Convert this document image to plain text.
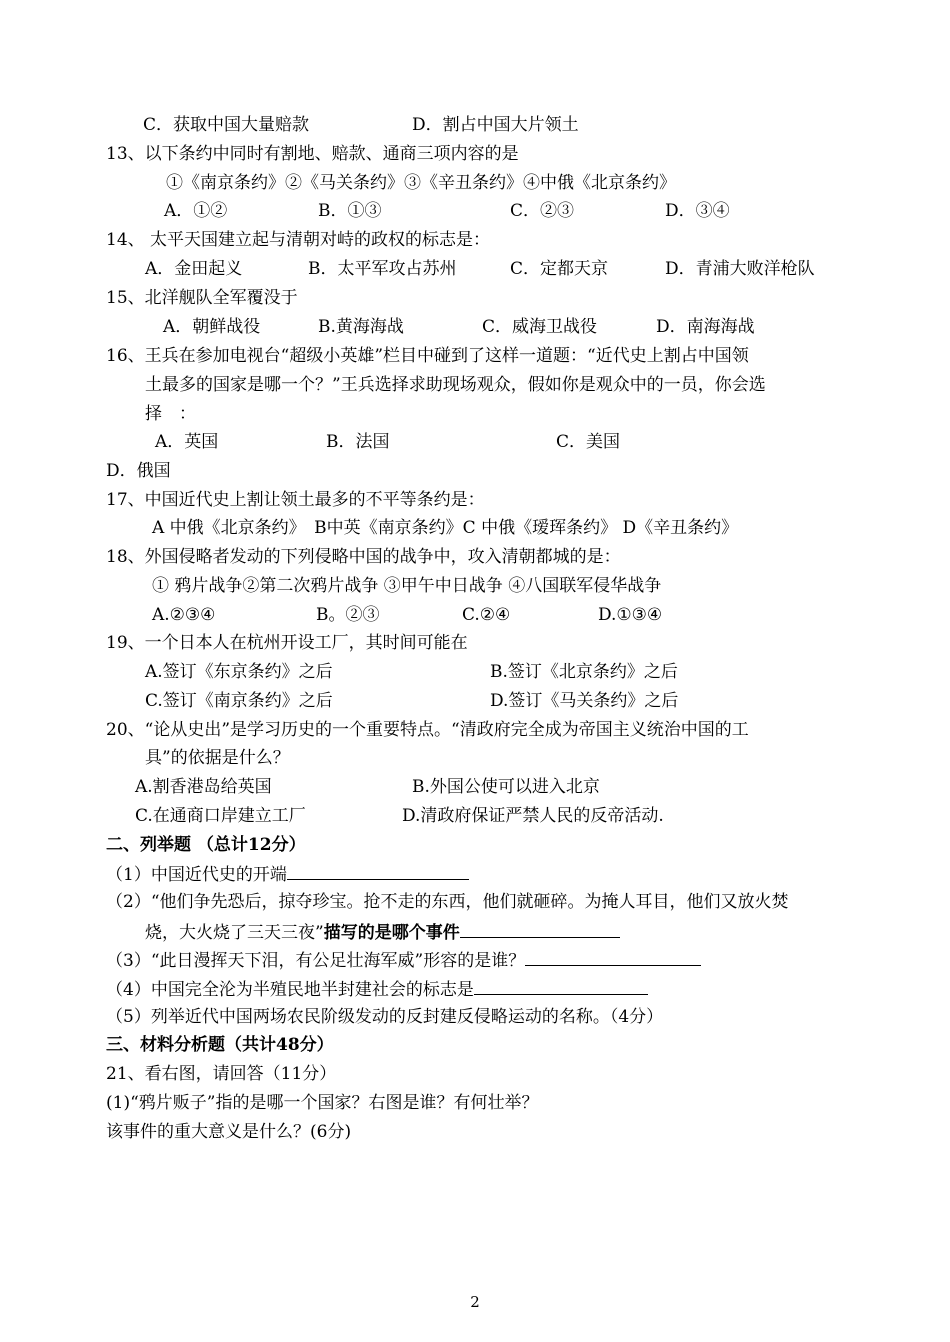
C．获取中国大量赔款	D．割占中国大片领土
13、以下条约中同时有割地、赔款、通商三项内容的是
①《南京条约》②《马关条约》③《辛丑条约》④中俄《北京条约》
A．①②	B．①③	C．②③	D．③④
14、 太平天国建立起与清朝对峙的政权的标志是：
A．金田起义	B．太平军攻占苏州	C．定都天京	D．青浦大败洋枪队
15、北洋舰队全军覆没于
A．朝鲜战役	B.黄海海战	C．威海卫战役	D．南海海战
16、王兵在参加电视台“超级小英雄”栏目中碰到了这样一道题：“近代史上割占中国领
土最多的国家是哪一个？”王兵选择求助现场观众，假如你是观众中的一员，你会选
择　：
A．英国	B．法国	C．美国
D．俄国
17、中国近代史上割让领土最多的不平等条约是：
A 中俄《北京条约》　B中英《南京条约》C 中俄《瑷珲条约》 D《辛丑条约》
18、外国侵略者发动的下列侵略中国的战争中，攻入清朝都城的是：
① 鸦片战争②第二次鸦片战争 ③甲午中日战争 ④八国联军侵华战争
A.②③④	B。②③	C.②④	D.①③④
19、一个日本人在杭州开设工厂，其时间可能在
A.签订《东京条约》之后	B.签订《北京条约》之后
C.签订《南京条约》之后	D.签订《马关条约》之后
20、“论从史出”是学习历史的一个重要特点。“清政府完全成为帝国主义统治中国的工
具”的依据是什么？
A.割香港岛给英国	B.外国公使可以进入北京
C.在通商口岸建立工厂	D.清政府保证严禁人民的反帝活动.
二、列举题 （总计12分）
（1）中国近代史的开端
（2）“他们争先恐后，掠夺珍宝。抢不走的东西，他们就砸碎。为掩人耳目，他们又放火焚
烧，大火烧了三天三夜”描写的是哪个事件
（3）“此日漫挥天下泪，有公足壮海军威”形容的是谁？
（4）中国完全沦为半殖民地半封建社会的标志是
（5）列举近代中国两场农民阶级发动的反封建反侵略运动的名称。（4分）
三、材料分析题（共计48分）
21、看右图，请回答（11分）
(1)“鸦片贩子”指的是哪一个国家？右图是谁？有何壮举？
该事件的重大意义是什么？(6分)
2
